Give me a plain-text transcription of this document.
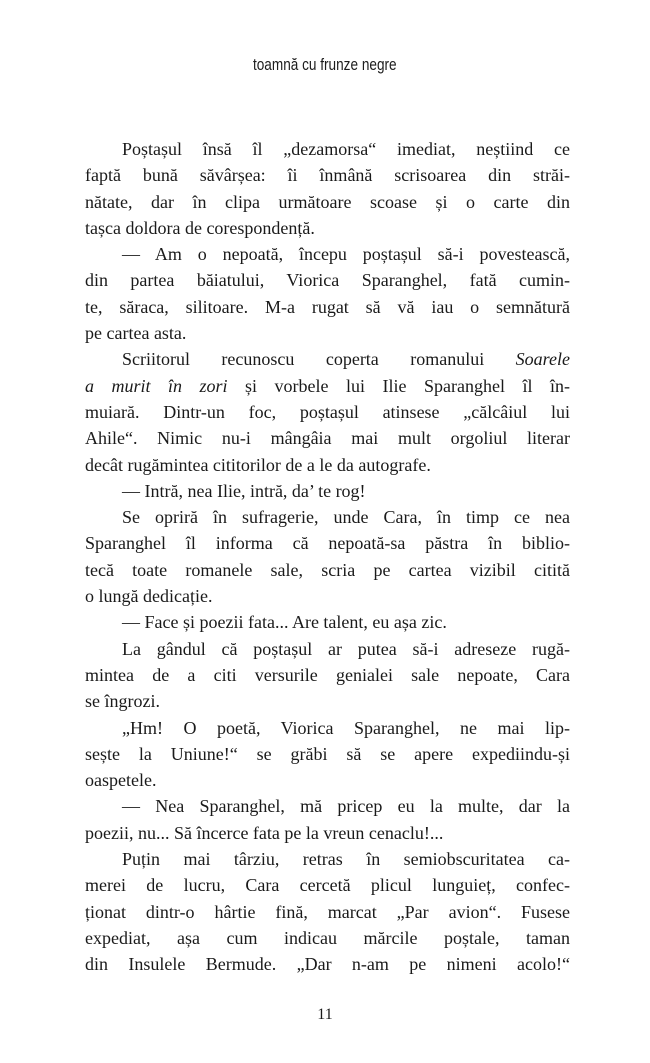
toamnă cu frunze negre
Poștașul însă îl „dezamorsa“ imediat, neștiind ce
faptă bună săvârșea: îi înmână scrisoarea din străi-
nătate, dar în clipa următoare scoase și o carte din
tașca doldora de corespondență.
— Am o nepoată, începu poștașul să-i povestească,
din partea băiatului, Viorica Sparanghel, fată cumin-
te, săraca, silitoare. M-a rugat să vă iau o semnătură
pe cartea asta.
Scriitorul recunoscu coperta romanului Soarele
a murit în zori și vorbele lui Ilie Sparanghel îl în-
muiară. Dintr-un foc, poștașul atinsese „călcâiul lui
Ahile“. Nimic nu-i mângâia mai mult orgoliul literar
decât rugămintea cititorilor de a le da autografe.
— Intră, nea Ilie, intră, da’ te rog!
Se opriră în sufragerie, unde Cara, în timp ce nea
Sparanghel îl informa că nepoată-sa păstra în biblio-
tecă toate romanele sale, scria pe cartea vizibil citită
o lungă dedicație.
— Face și poezii fata... Are talent, eu așa zic.
La gândul că poștașul ar putea să-i adreseze rugă-
mintea de a citi versurile genialei sale nepoate, Cara
se îngrozi.
„Hm! O poetă, Viorica Sparanghel, ne mai lip-
sește la Uniune!“ se grăbi să se apere expediindu-și
oaspetele.
— Nea Sparanghel, mă pricep eu la multe, dar la
poezii, nu... Să încerce fata pe la vreun cenaclu!...
Puțin mai târziu, retras în semiobscuritatea ca-
merei de lucru, Cara cercetă plicul lunguieț, confec-
ționat dintr-o hârtie fină, marcat „Par avion“. Fusese
expediat, așa cum indicau mărcile poștale, taman
din Insulele Bermude. „Dar n-am pe nimeni acolo!“
11
